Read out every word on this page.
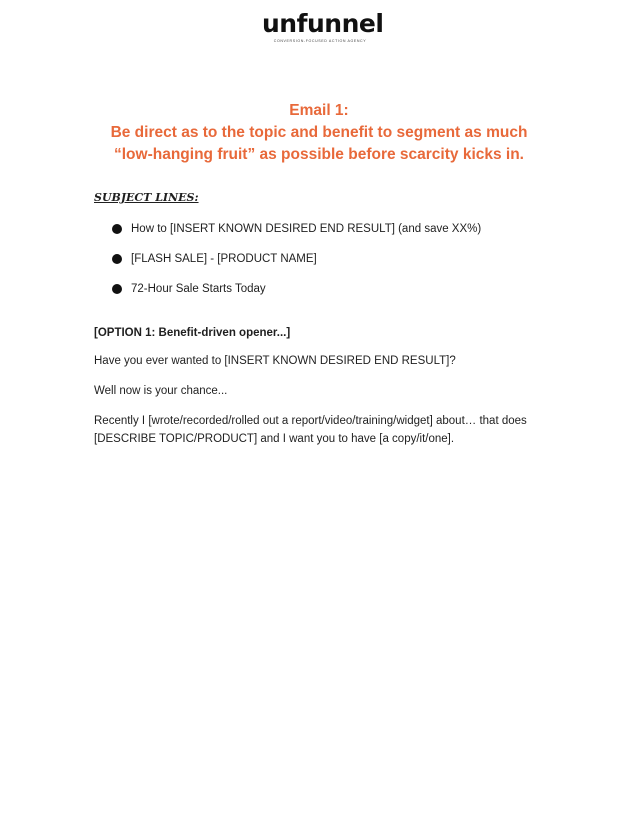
unfunnel
CONVERSION-FOCUSED ACTION AGENCY
Email 1:
Be direct as to the topic and benefit to segment as much
“low-hanging fruit” as possible before scarcity kicks in.
SUBJECT LINES:
How to [INSERT KNOWN DESIRED END RESULT] (and save XX%)
[FLASH SALE] - [PRODUCT NAME]
72-Hour Sale Starts Today
[OPTION 1: Benefit-driven opener...]
Have you ever wanted to [INSERT KNOWN DESIRED END RESULT]?
Well now is your chance...
Recently I [wrote/recorded/rolled out a report/video/training/widget] about… that does [DESCRIBE TOPIC/PRODUCT] and I want you to have [a copy/it/one].
